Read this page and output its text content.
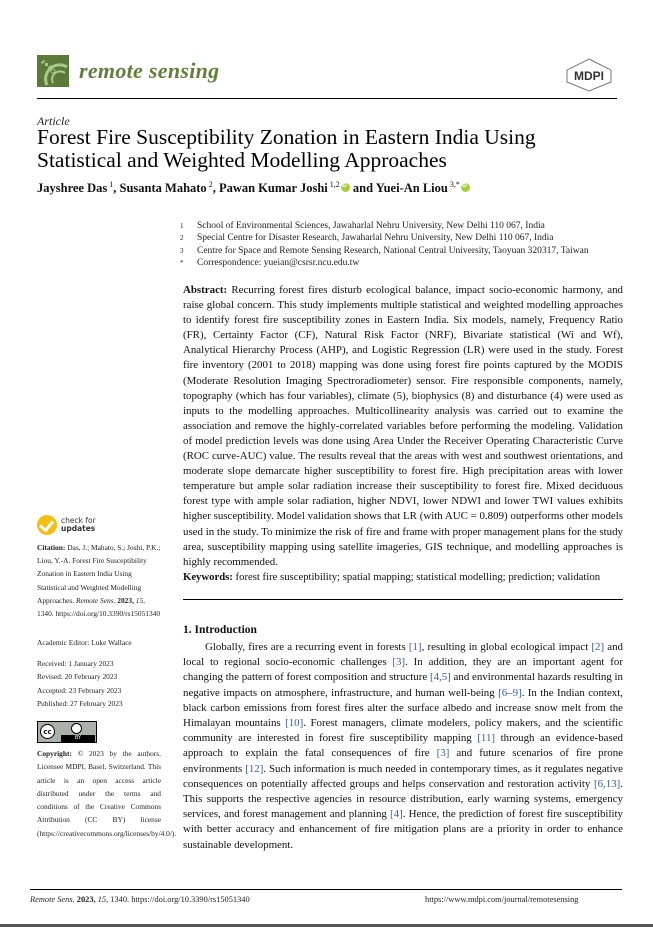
remote sensing	MDPI
Article
Forest Fire Susceptibility Zonation in Eastern India Using Statistical and Weighted Modelling Approaches
Jayshree Das $^1$, Susanta Mahato $^2$, Pawan Kumar Joshi $^{1,2}$iD and Yuei-An Liou $^{3,*}$iD
1	School of Environmental Sciences, Jawaharlal Nehru University, New Delhi 110 067, India
2	Special Centre for Disaster Research, Jawaharlal Nehru University, New Delhi 110 067, India
3	Centre for Space and Remote Sensing Research, National Central University, Taoyuan 320317, Taiwan
*	Correspondence: yueian@csrsr.ncu.edu.tw
Abstract: Recurring forest fires disturb ecological balance, impact socio-economic harmony, and raise global concern. This study implements multiple statistical and weighted modelling approaches to identify forest fire susceptibility zones in Eastern India. Six models, namely, Frequency Ratio (FR), Certainty Factor (CF), Natural Risk Factor (NRF), Bivariate statistical (Wi and Wf), Analytical Hierarchy Process (AHP), and Logistic Regression (LR) were used in the study. Forest fire inventory (2001 to 2018) mapping was done using forest fire points captured by the MODIS (Moderate Resolution Imaging Spectroradiometer) sensor. Fire responsible components, namely, topography (which has four variables), climate (5), biophysics (8) and disturbance (4) were used as inputs to the modelling approaches. Multicollinearity analysis was carried out to examine the association and remove the highly-correlated variables before performing the modeling. Validation of model prediction levels was done using Area Under the Receiver Operating Characteristic Curve (ROC curve-AUC) value. The results reveal that the areas with west and southwest orientations, and moderate slope demarcate higher susceptibility to forest fire. High precipitation areas with lower temperature but ample solar radiation increase their susceptibility to forest fire. Mixed deciduous forest type with ample solar radiation, higher NDVI, lower NDWI and lower TWI values exhibits higher susceptibility. Model validation shows that LR (with AUC = 0.809) outperforms other models used in the study. To minimize the risk of fire and frame with proper management plans for the study area, susceptibility mapping using satellite imageries, GIS technique, and modelling approaches is highly recommended.
Keywords: forest fire susceptibility; spatial mapping; statistical modelling; prediction; validation
1. Introduction
Globally, fires are a recurring event in forests [1], resulting in global ecological impact [2] and local to regional socio-economic challenges [3]. In addition, they are an important agent for changing the pattern of forest composition and structure [4,5] and environmental hazards resulting in negative impacts on atmosphere, infrastructure, and human well-being [6–9]. In the Indian context, black carbon emissions from forest fires alter the surface albedo and increase snow melt from the Himalayan mountains [10]. Forest managers, climate modelers, policy makers, and the scientific community are interested in forest fire susceptibility mapping [11] through an evidence-based approach to explain the fatal consequences of fire [3] and future scenarios of fire prone environments [12]. Such information is much needed in contemporary times, as it regulates negative consequences on potentially affected groups and helps conservation and restoration activity [6,13]. This supports the respective agencies in resource distribution, early warning systems, emergency services, and forest management and planning [4]. Hence, the prediction of forest fire susceptibility with better accuracy and enhancement of fire mitigation plans are a priority in order to enhance sustainable development.
check for
updates
Citation: Das, J.; Mahato, S.; Joshi, P.K.; Liou, Y.-A. Forest Fire Susceptibility Zonation in Eastern India Using Statistical and Weighted Modelling Approaches. Remote Sens. 2023, 15, 1340. https://doi.org/10.3390/rs15051340
Academic Editor: Luke Wallace
Received: 1 January 2023
Revised: 20 February 2023
Accepted: 23 February 2023
Published: 27 February 2023
cc
BY
Copyright: © 2023 by the authors. Licensee MDPI, Basel, Switzerland. This article is an open access article distributed under the terms and conditions of the Creative Commons Attribution (CC BY) license (https://creativecommons.org/licenses/by/4.0/).
Remote Sens. 2023, 15, 1340. https://doi.org/10.3390/rs15051340	https://www.mdpi.com/journal/remotesensing
